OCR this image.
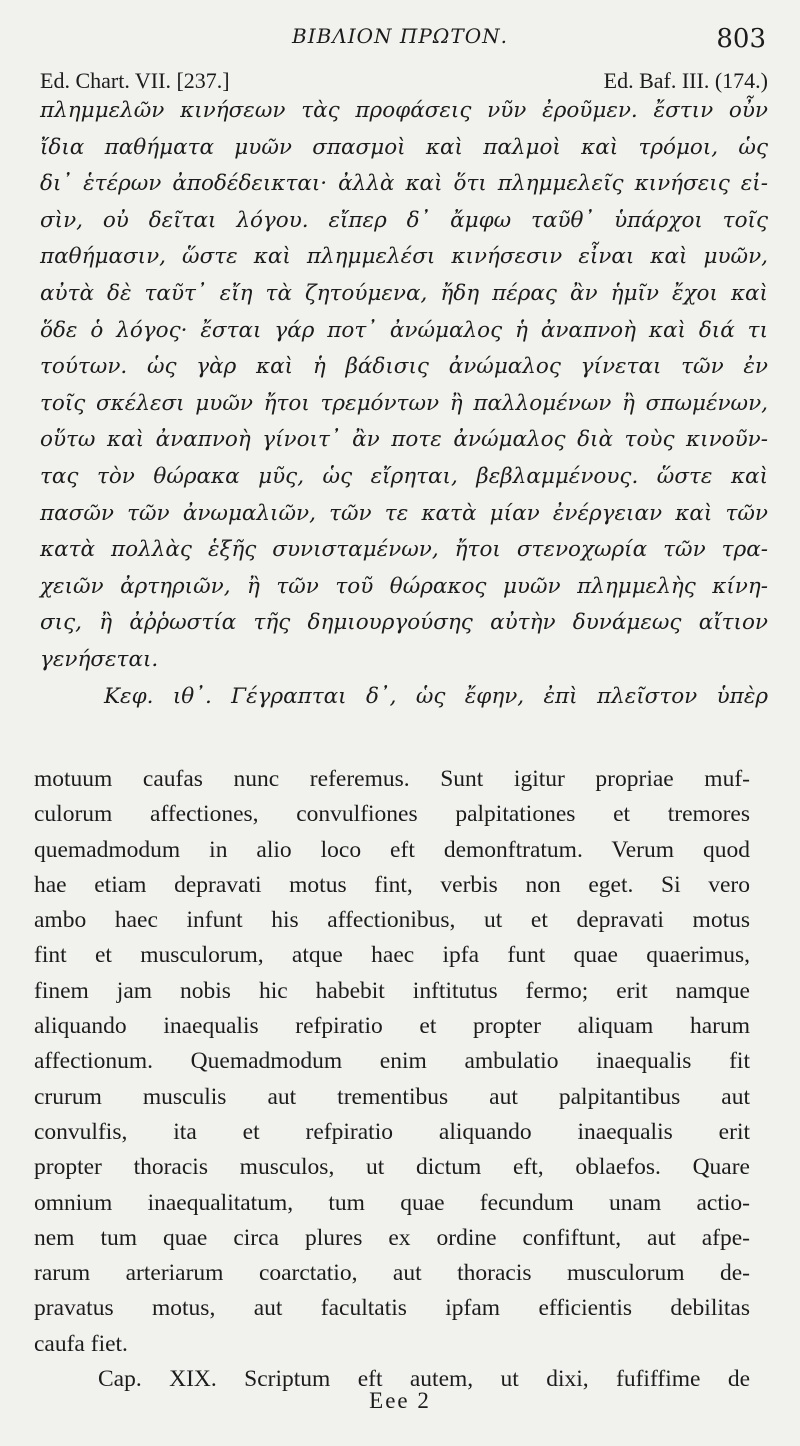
ΒΙΒΛΙΟΝ ΠΡΩΤΟΝ.	803
Ed. Chart. VII. [237.]	Ed. Baf. III. (174.)
πλημμελῶν κινήσεων τὰς προφάσεις νῦν ἐροῦμεν. ἔστιν οὖν
ἴδια παθήματα μυῶν σπασμοὶ καὶ παλμοὶ καὶ τρόμοι, ὡς
δι᾽ ἑτέρων ἀποδέδεικται· ἀλλὰ καὶ ὅτι πλημμελεῖς κινήσεις εἰ-
σὶν, οὐ δεῖται λόγου. εἴπερ δ᾽ ἄμφω ταῦθ᾽ ὑπάρχοι τοῖς
παθήμασιν, ὥστε καὶ πλημμελέσι κινήσεσιν εἶναι καὶ μυῶν,
αὐτὰ δὲ ταῦτ᾽ εἴη τὰ ζητούμενα, ἤδη πέρας ἂν ἡμῖν ἔχοι καὶ
ὅδε ὁ λόγος· ἔσται γάρ ποτ᾽ ἀνώμαλος ἡ ἀναπνοὴ καὶ διά τι
τούτων. ὡς γὰρ καὶ ἡ βάδισις ἀνώμαλος γίνεται τῶν ἐν
τοῖς σκέλεσι μυῶν ἤτοι τρεμόντων ἢ παλλομένων ἢ σπωμένων,
οὕτω καὶ ἀναπνοὴ γίνοιτ᾽ ἂν ποτε ἀνώμαλος διὰ τοὺς κινοῦν-
τας τὸν θώρακα μῦς, ὡς εἴρηται, βεβλαμμένους. ὥστε καὶ
πασῶν τῶν ἀνωμαλιῶν, τῶν τε κατὰ μίαν ἐνέργειαν καὶ τῶν
κατὰ πολλὰς ἑξῆς συνισταμένων, ἤτοι στενοχωρία τῶν τρα-
χειῶν ἀρτηριῶν, ἢ τῶν τοῦ θώρακος μυῶν πλημμελὴς κίνη-
σις, ἢ ἀῤῥωστία τῆς δημιουργούσης αὐτὴν δυνάμεως αἴτιον
γενήσεται.
Κεφ. ιθ᾽. Γέγραπται δ᾽, ὡς ἔφην, ἐπὶ πλεῖστον ὑπὲρ
motuum caufas nunc referemus. Sunt igitur propriae muf-
culorum affectiones, convulfiones palpitationes et tremores
quemadmodum in alio loco eft demonftratum. Verum quod
hae etiam depravati motus fint, verbis non eget. Si vero
ambo haec infunt his affectionibus, ut et depravati motus
fint et musculorum, atque haec ipfa funt quae quaerimus,
finem jam nobis hic habebit inftitutus fermo; erit namque
aliquando inaequalis refpiratio et propter aliquam harum
affectionum. Quemadmodum enim ambulatio inaequalis fit
crurum musculis aut trementibus aut palpitantibus aut
convulfis, ita et refpiratio aliquando inaequalis erit
propter thoracis musculos, ut dictum eft, oblaefos. Quare
omnium inaequalitatum, tum quae fecundum unam actio-
nem tum quae circa plures ex ordine confiftunt, aut afpe-
rarum arteriarum coarctatio, aut thoracis musculorum de-
pravatus motus, aut facultatis ipfam efficientis debilitas
caufa fiet.
Cap. XIX. Scriptum eft autem, ut dixi, fufiffime de
Eee 2
